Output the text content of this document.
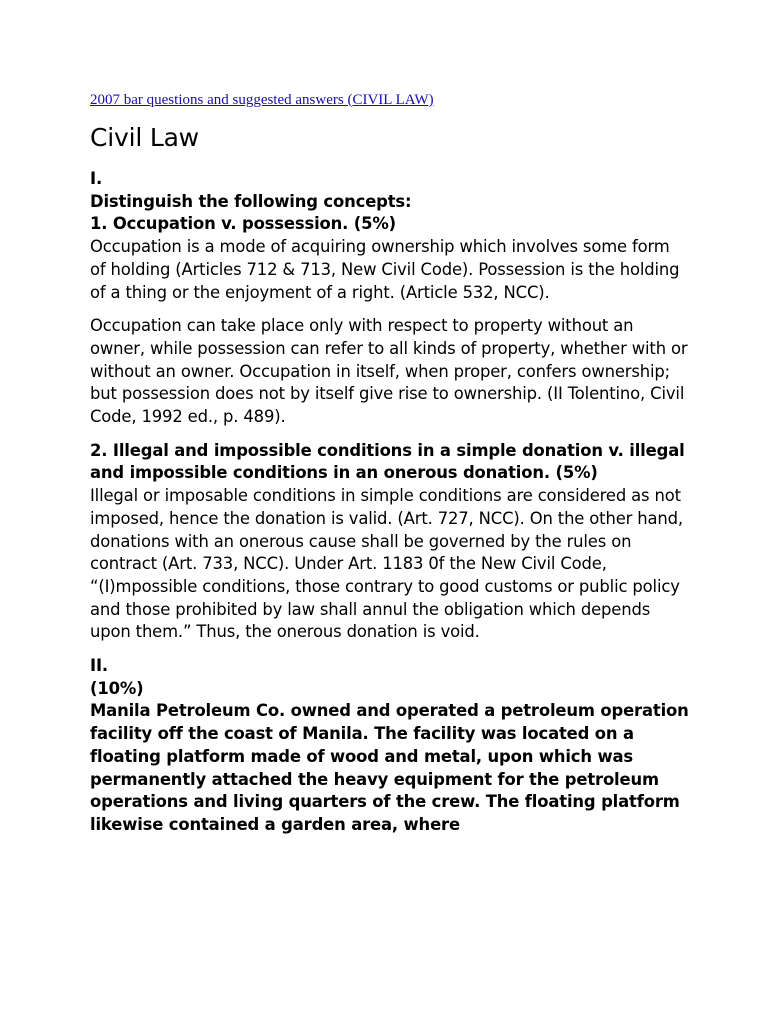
2007 bar questions and suggested answers (CIVIL LAW)
Civil Law

I.

Distinguish the following concepts:

1. Occupation v. possession. (5%)

Occupation is a mode of acquiring ownership which involves some form of holding (Articles 712 & 713, New Civil Code). Possession is the holding of a thing or the enjoyment of a right. (Article 532, NCC).

Occupation can take place only with respect to property without an owner, while possession can refer to all kinds of property, whether with or without an owner. Occupation in itself, when proper, confers ownership; but possession does not by itself give rise to ownership. (II Tolentino, Civil Code, 1992 ed., p. 489).

2. Illegal and impossible conditions in a simple donation v. illegal and impossible conditions in an onerous donation. (5%)

Illegal or imposable conditions in simple conditions are considered as not imposed, hence the donation is valid. (Art. 727, NCC). On the other hand, donations with an onerous cause shall be governed by the rules on contract (Art. 733, NCC). Under Art. 1183 0f the New Civil Code, “(I)mpossible conditions, those contrary to good customs or public policy and those prohibited by law shall annul the obligation which depends upon them.” Thus, the onerous donation is void.

II.

(10%)

Manila Petroleum Co. owned and operated a petroleum operation facility off the coast of Manila. The facility was located on a floating platform made of wood and metal, upon which was permanently attached the heavy equipment for the petroleum operations and living quarters of the crew. The floating platform likewise contained a garden area, where
